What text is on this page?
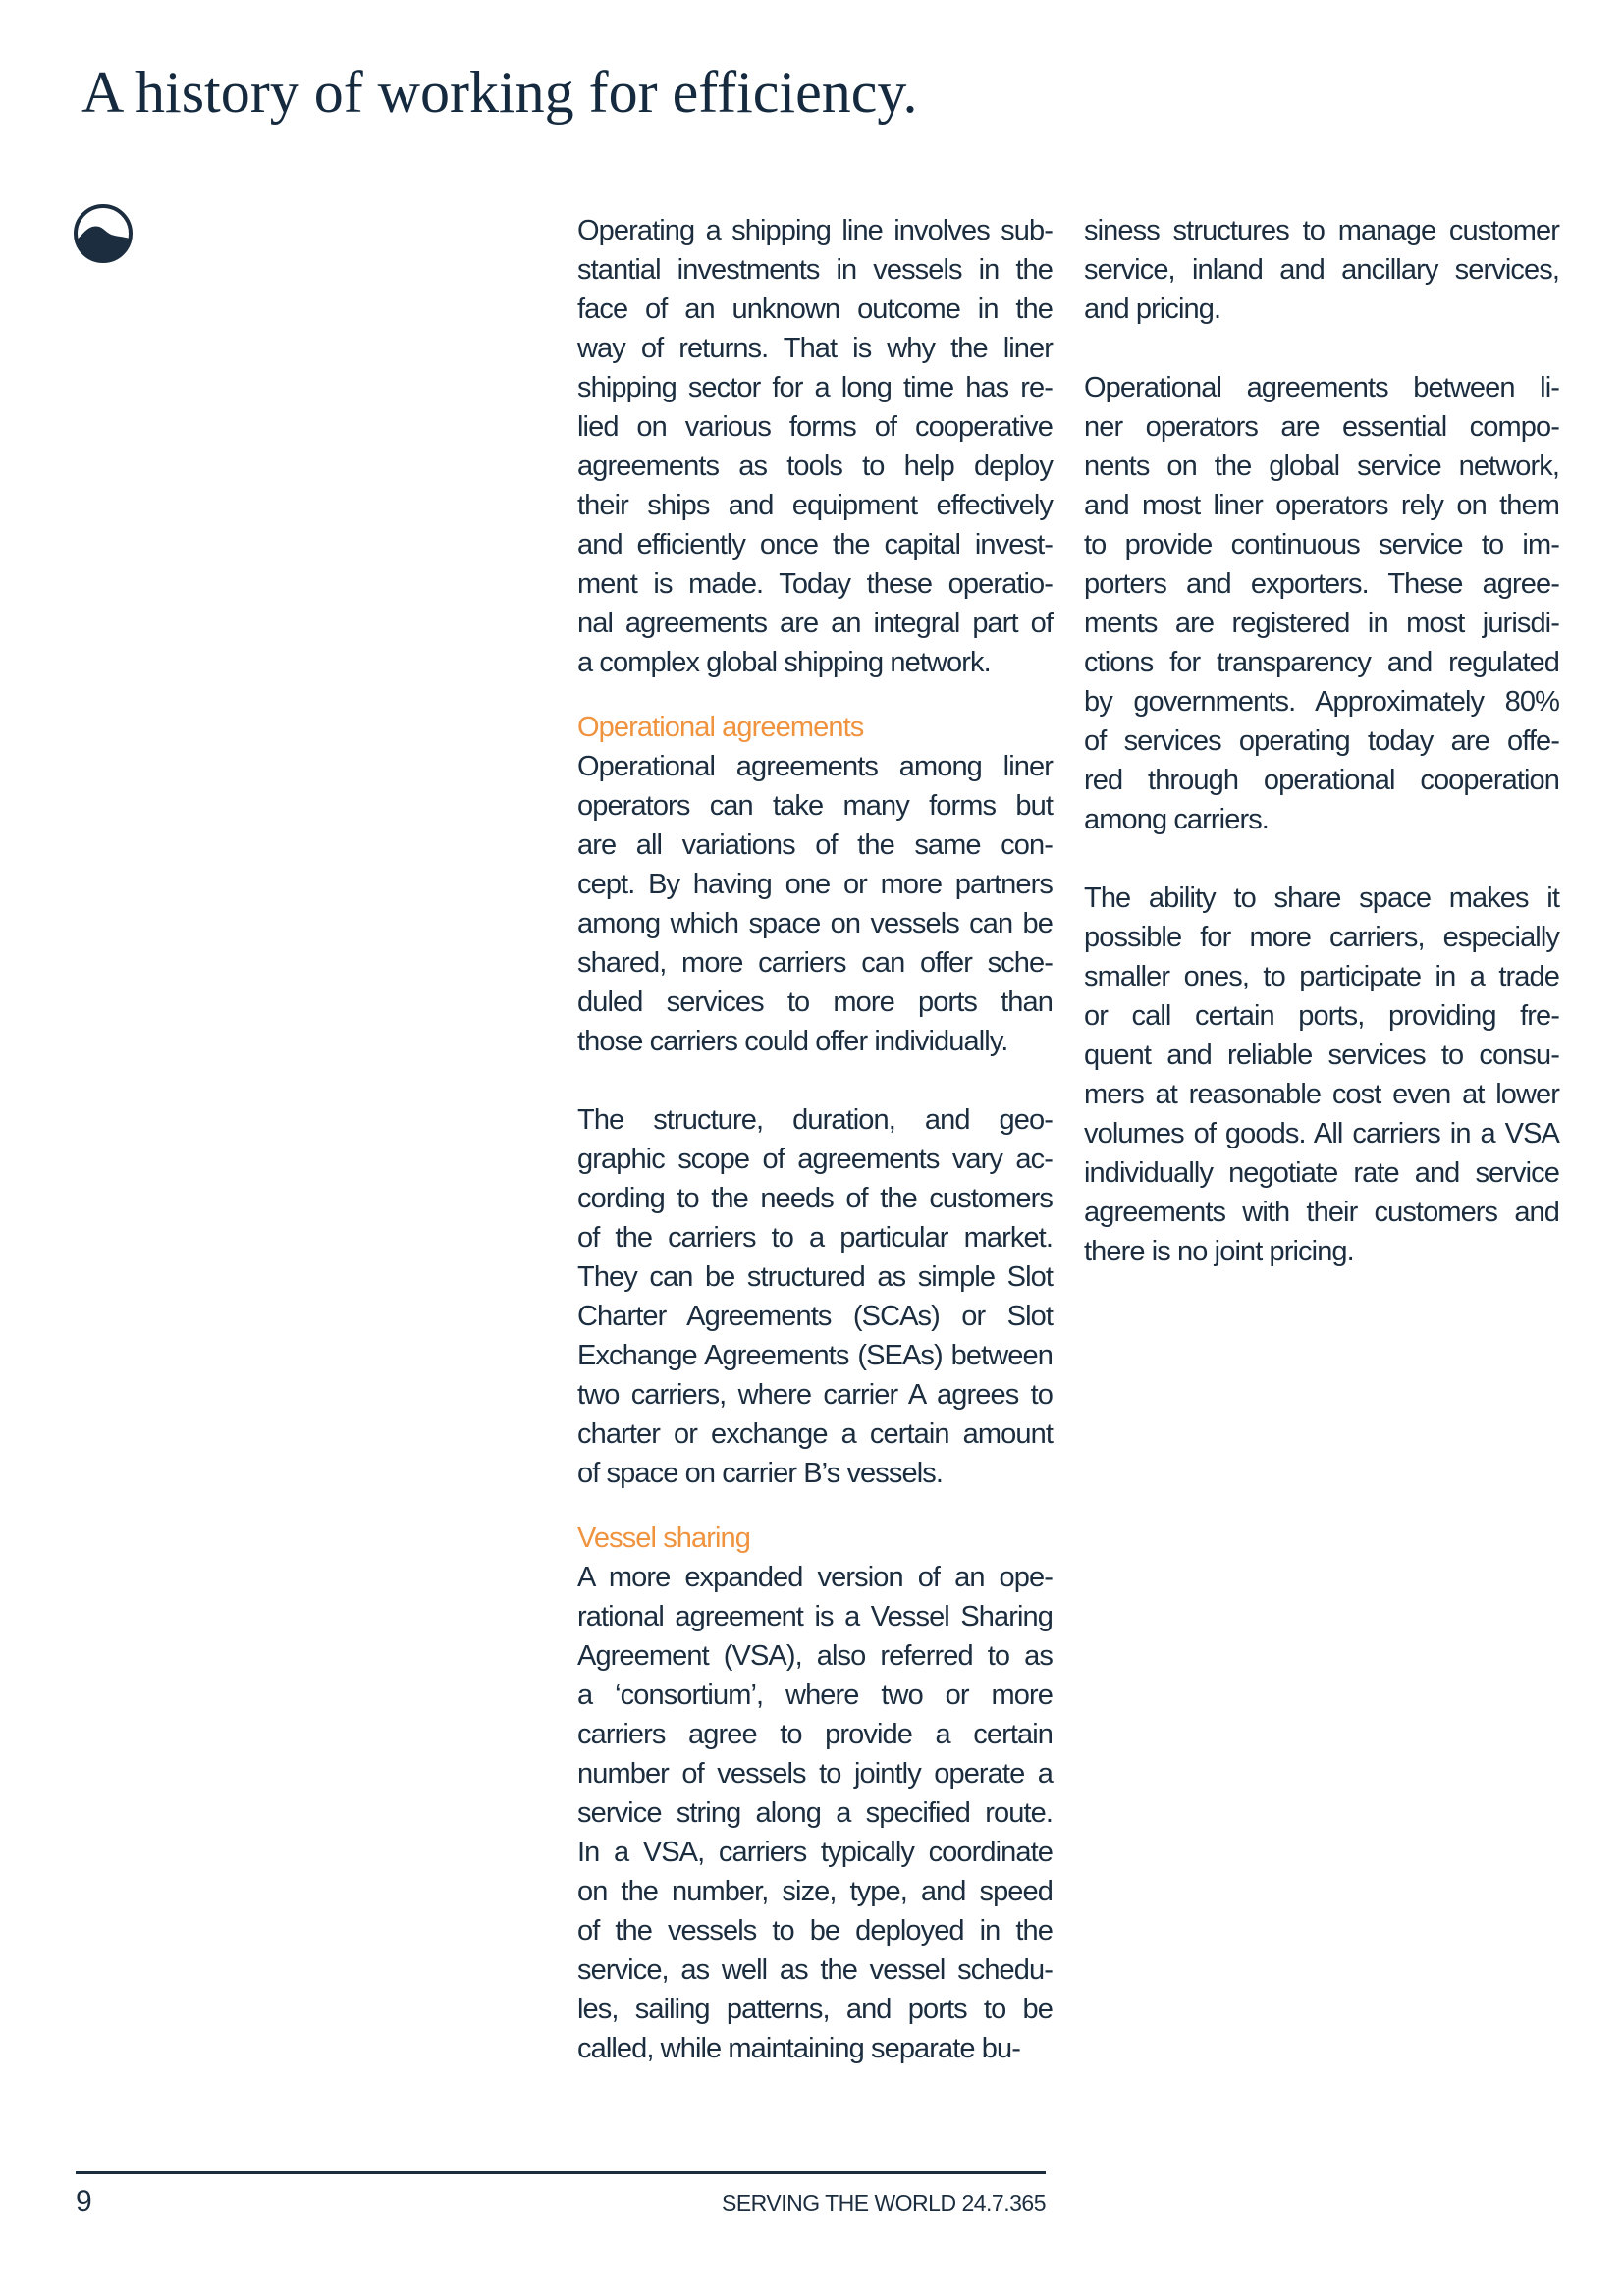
A history of working for efficiency.
Operating a shipping line involves sub-
stantial investments in vessels in the
face of an unknown outcome in the
way of returns. That is why the liner
shipping sector for a long time has re-
lied on various forms of cooperative
agreements as tools to help deploy
their ships and equipment effectively
and efficiently once the capital invest-
ment is made. Today these operatio-
nal agreements are an integral part of
a complex global shipping network.
Operational agreements
Operational agreements among liner
operators can take many forms but
are all variations of the same con-
cept. By having one or more partners
among which space on vessels can be
shared, more carriers can offer sche-
duled services to more ports than
those carriers could offer individually.
The structure, duration, and geo-
graphic scope of agreements vary ac-
cording to the needs of the customers
of the carriers to a particular market.
They can be structured as simple Slot
Charter Agreements (SCAs) or Slot
Exchange Agreements (SEAs) between
two carriers, where carrier A agrees to
charter or exchange a certain amount
of space on carrier B’s vessels.
Vessel sharing
A more expanded version of an ope-
rational agreement is a Vessel Sharing
Agreement (VSA), also referred to as
a ‘consortium’, where two or more
carriers agree to provide a certain
number of vessels to jointly operate a
service string along a specified route.
In a VSA, carriers typically coordinate
on the number, size, type, and speed
of the vessels to be deployed in the
service, as well as the vessel schedu-
les, sailing patterns, and ports to be
called, while maintaining separate bu-
siness structures to manage customer
service, inland and ancillary services,
and pricing.
Operational agreements between li-
ner operators are essential compo-
nents on the global service network,
and most liner operators rely on them
to provide continuous service to im-
porters and exporters. These agree-
ments are registered in most jurisdi-
ctions for transparency and regulated
by governments. Approximately 80%
of services operating today are offe-
red through operational cooperation
among carriers.
The ability to share space makes it
possible for more carriers, especially
smaller ones, to participate in a trade
or call certain ports, providing fre-
quent and reliable services to consu-
mers at reasonable cost even at lower
volumes of goods. All carriers in a VSA
individually negotiate rate and service
agreements with their customers and
there is no joint pricing.
9	SERVING THE WORLD 24.7.365
